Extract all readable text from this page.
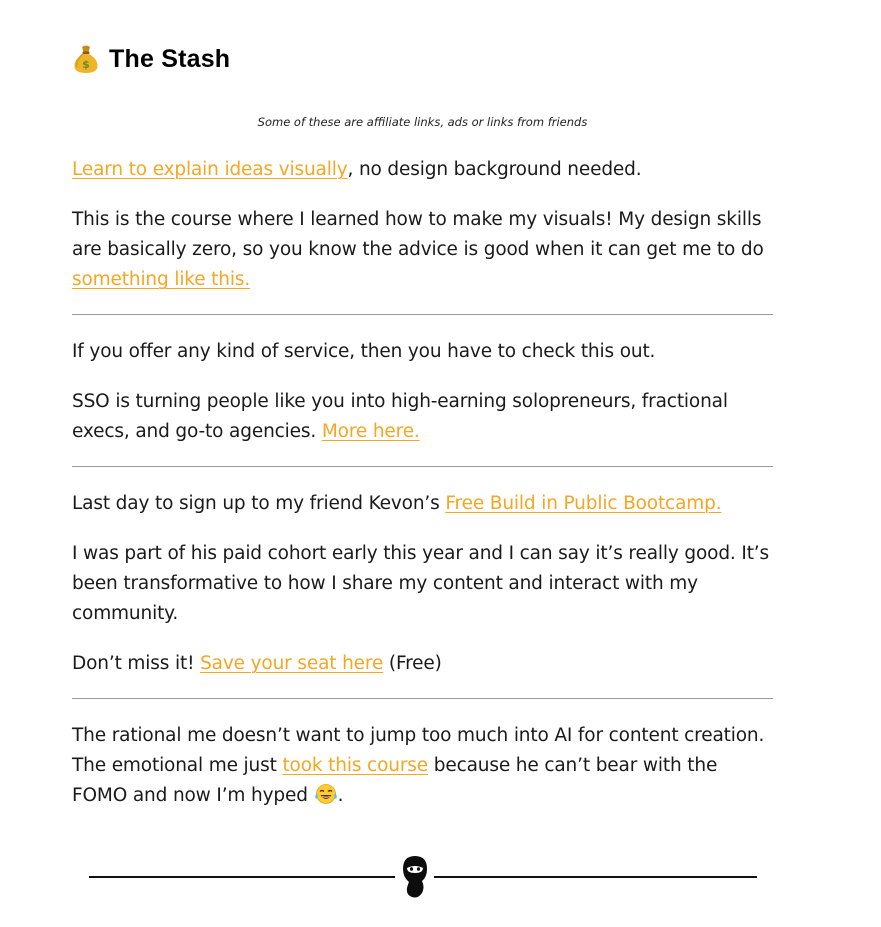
$ The Stash
Some of these are affiliate links, ads or links from friends

Learn to explain ideas visually, no design background needed.

This is the course where I learned how to make my visuals! My design skills are basically zero, so you know the advice is good when it can get me to do something like this.

If you offer any kind of service, then you have to check this out.

SSO is turning people like you into high-earning solopreneurs, fractional execs, and go-to agencies. More here.

Last day to sign up to my friend Kevon’s Free Build in Public Bootcamp.

I was part of his paid cohort early this year and I can say it’s really good. It’s been transformative to how I share my content and interact with my community.

Don’t miss it! Save your seat here (Free)

The rational me doesn’t want to jump too much into AI for content creation. The emotional me just took this course because he can’t bear with the FOMO and now I’m hyped .
